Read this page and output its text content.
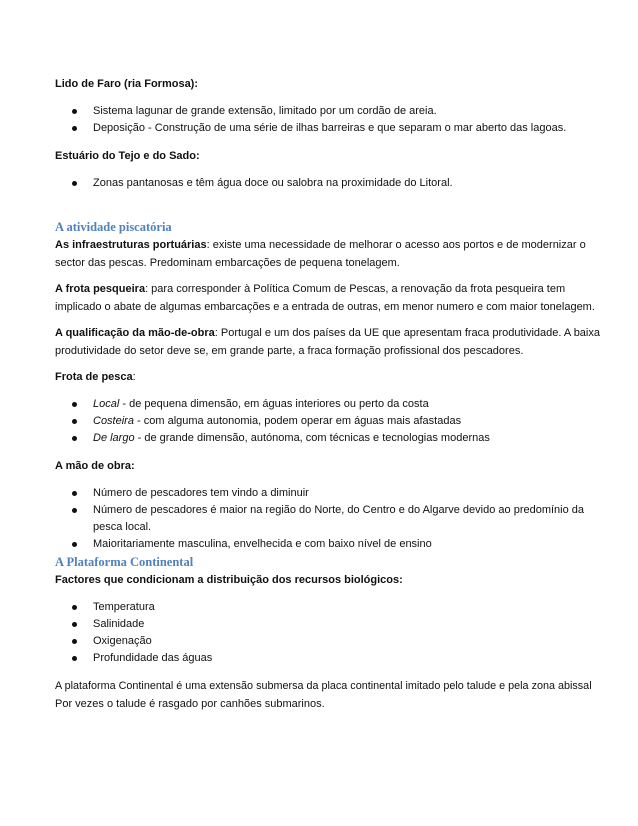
Lido de Faro (ria Formosa):

Sistema lagunar de grande extensão, limitado por um cordão de areia.
Deposição - Construção de uma série de ilhas barreiras e que separam o mar aberto das lagoas.

Estuário do Tejo e do Sado:

Zonas pantanosas e têm água doce ou salobra na proximidade do Litoral.

A atividade piscatória

As infraestruturas portuárias: existe uma necessidade de melhorar o acesso aos portos e de modernizar o

sector das pescas. Predominam embarcações de pequena tonelagem.

A frota pesqueira: para corresponder à Política Comum de Pescas, a renovação da frota pesqueira tem

implicado o abate de algumas embarcações e a entrada de outras, em menor numero e com maior tonelagem.

A qualificação da mão-de-obra: Portugal e um dos países da UE que apresentam fraca produtividade. A baixa

produtividade do setor deve se, em grande parte, a fraca formação profissional dos pescadores.

Frota de pesca:

Local - de pequena dimensão, em águas interiores ou perto da costa
Costeira - com alguma autonomia, podem operar em águas mais afastadas
De largo - de grande dimensão, autónoma, com técnicas e tecnologias modernas

A mão de obra:

Número de pescadores tem vindo a diminuir
Número de pescadores é maior na região do Norte, do Centro e do Algarve devido ao predomínio da
pesca local.
Maioritariamente masculina, envelhecida e com baixo nível de ensino

A Plataforma Continental

Factores que condicionam a distribuição dos recursos biológicos:

Temperatura
Salinidade
Oxigenação
Profundidade das águas

A plataforma Continental é uma extensão submersa da placa continental imitado pelo talude e pela zona abissal

Por vezes o talude é rasgado por canhões submarinos.
